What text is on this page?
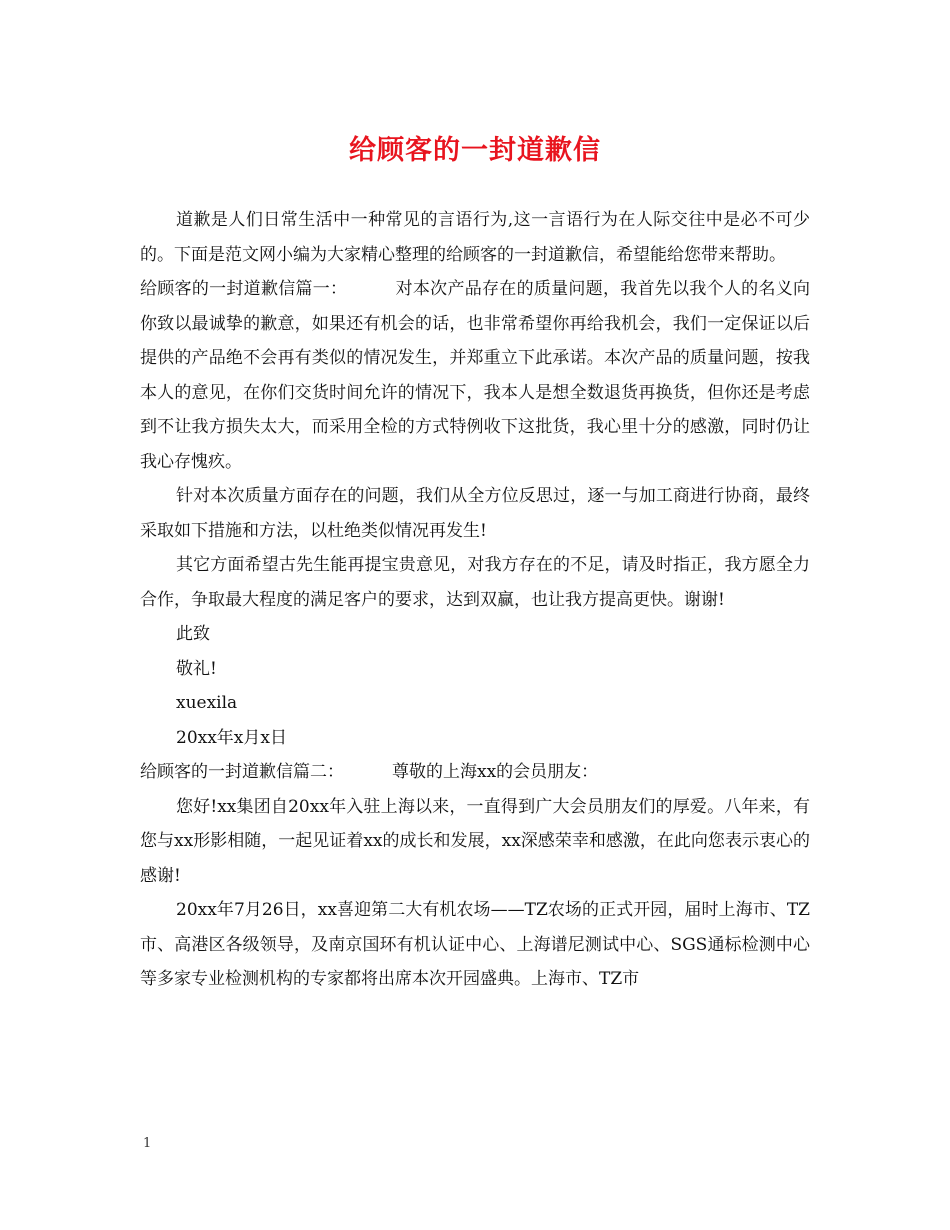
给顾客的一封道歉信

道歉是人们日常生活中一种常见的言语行为,这一言语行为在人际交往中是必不可少的。下面是范文网小编为大家精心整理的给顾客的一封道歉信，希望能给您带来帮助。

给顾客的一封道歉信篇一：	对本次产品存在的质量问题，我首先以我个人的名义向你致以最诚挚的歉意，如果还有机会的话，也非常希望你再给我机会，我们一定保证以后提供的产品绝不会再有类似的情况发生，并郑重立下此承诺。本次产品的质量问题，按我本人的意见，在你们交货时间允许的情况下，我本人是想全数退货再换货，但你还是考虑到不让我方损失太大，而采用全检的方式特例收下这批货，我心里十分的感激，同时仍让我心存愧疚。

针对本次质量方面存在的问题，我们从全方位反思过，逐一与加工商进行协商，最终采取如下措施和方法，以杜绝类似情况再发生!

其它方面希望古先生能再提宝贵意见，对我方存在的不足，请及时指正，我方愿全力合作，争取最大程度的满足客户的要求，达到双赢，也让我方提高更快。谢谢!

此致

敬礼!

xuexila

20xx年x月x日

给顾客的一封道歉信篇二：	尊敬的上海xx的会员朋友：

您好!xx集团自20xx年入驻上海以来，一直得到广大会员朋友们的厚爱。八年来，有您与xx形影相随，一起见证着xx的成长和发展，xx深感荣幸和感激，在此向您表示衷心的感谢!

20xx年7月26日，xx喜迎第二大有机农场——TZ农场的正式开园，届时上海市、TZ市、高港区各级领导，及南京国环有机认证中心、上海谱尼测试中心、SGS通标检测中心等多家专业检测机构的专家都将出席本次开园盛典。上海市、TZ市

1
